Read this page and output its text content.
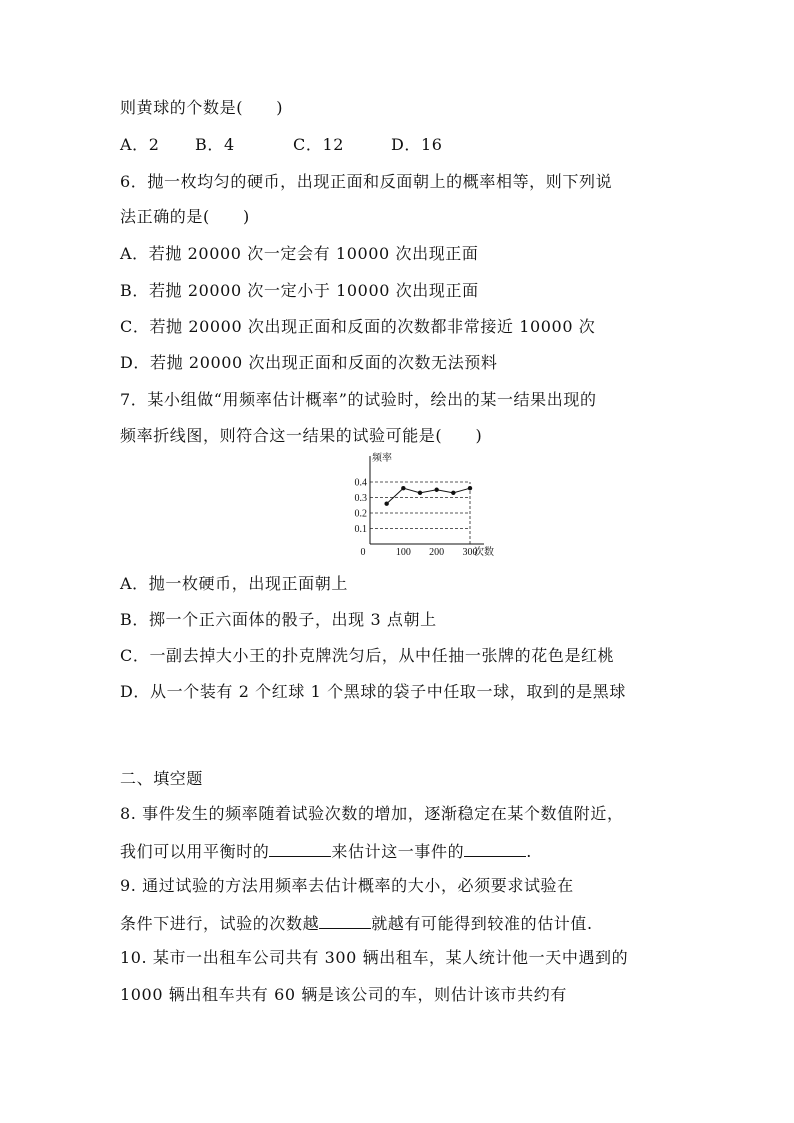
则黄球的个数是(　　)
A．2 B．4	C．12	D．16
6．抛一枚均匀的硬币，出现正面和反面朝上的概率相等，则下列说
法正确的是(　　)
A．若抛 20000 次一定会有 10000 次出现正面
B．若抛 20000 次一定小于 10000 次出现正面
C．若抛 20000 次出现正面和反面的次数都非常接近 10000 次
D．若抛 20000 次出现正面和反面的次数无法预料
7．某小组做“用频率估计概率”的试验时，绘出的某一结果出现的
频率折线图，则符合这一结果的试验可能是(　　)
0.1
0.2
0.3
0.4
100 200 300
0
频率
次数
A．抛一枚硬币，出现正面朝上
B．掷一个正六面体的骰子，出现 3 点朝上
C．一副去掉大小王的扑克牌洗匀后，从中任抽一张牌的花色是红桃
D．从一个装有 2 个红球 1 个黑球的袋子中任取一球，取到的是黑球
二、填空题
8. 事件发生的频率随着试验次数的增加，逐渐稳定在某个数值附近，
我们可以用平衡时的	来估计这一事件的	.
9. 通过试验的方法用频率去估计概率的大小，必须要求试验在
条件下进行，试验的次数越	就越有可能得到较准的估计值.
10. 某市一出租车公司共有 300 辆出租车，某人统计他一天中遇到的
1000 辆出租车共有 60 辆是该公司的车，则估计该市共约有
